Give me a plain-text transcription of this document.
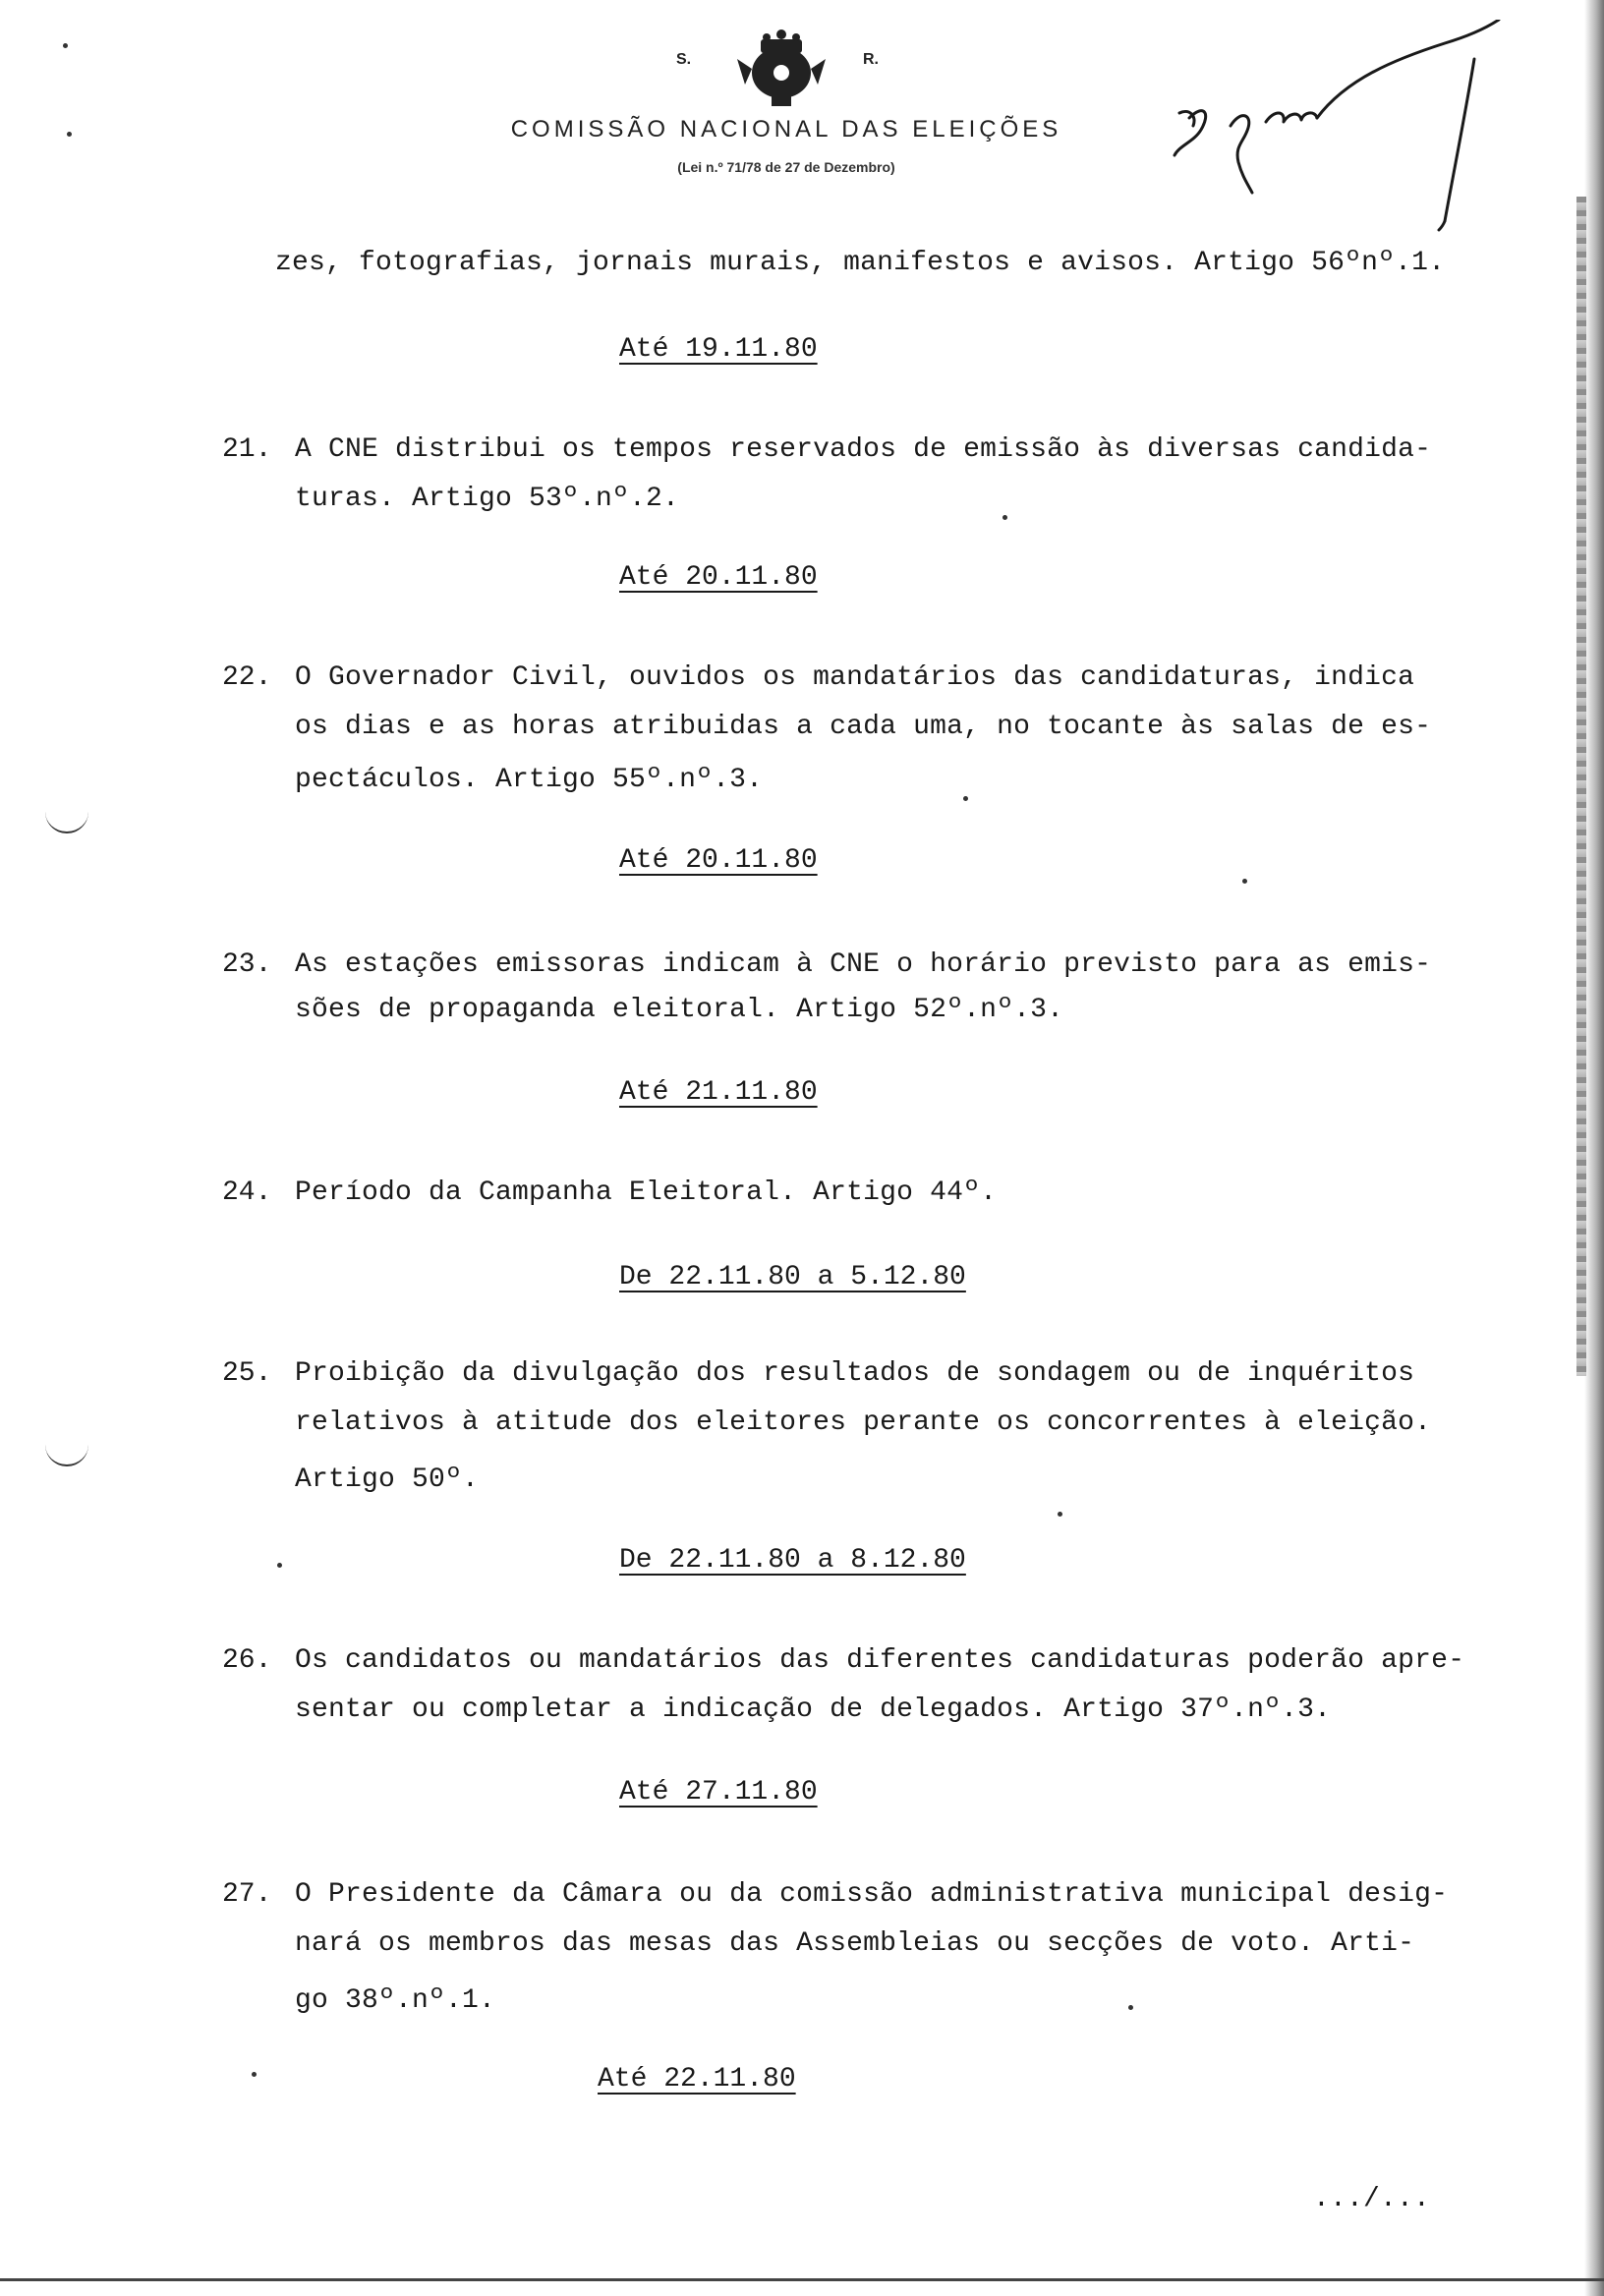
S.	R.
COMISSÃO NACIONAL DAS ELEIÇÕES
(Lei n.º 71/78 de 27 de Dezembro)
zes, fotografias, jornais murais, manifestos e avisos. Artigo 56ºnº.1.
Até 19.11.80
21. A CNE distribui os tempos reservados de emissão às diversas candida-
turas. Artigo 53º.nº.2.
Até 20.11.80
22. O Governador Civil, ouvidos os mandatários das candidaturas, indica
os dias e as horas atribuidas a cada uma, no tocante às salas de es-
pectáculos. Artigo 55º.nº.3.
Até 20.11.80
23. As estações emissoras indicam à CNE o horário previsto para as emis-
sões de propaganda eleitoral. Artigo 52º.nº.3.
Até 21.11.80
24. Período da Campanha Eleitoral. Artigo 44º.
De 22.11.80 a 5.12.80
25. Proibição da divulgação dos resultados de sondagem ou de inquéritos
relativos à atitude dos eleitores perante os concorrentes à eleição.
Artigo 50º.
De 22.11.80 a 8.12.80
26. Os candidatos ou mandatários das diferentes candidaturas poderão apre-
sentar ou completar a indicação de delegados. Artigo 37º.nº.3.
Até 27.11.80
27. O Presidente da Câmara ou da comissão administrativa municipal desig-
nará os membros das mesas das Assembleias ou secções de voto. Arti-
go 38º.nº.1.
Até 22.11.80
.../...
